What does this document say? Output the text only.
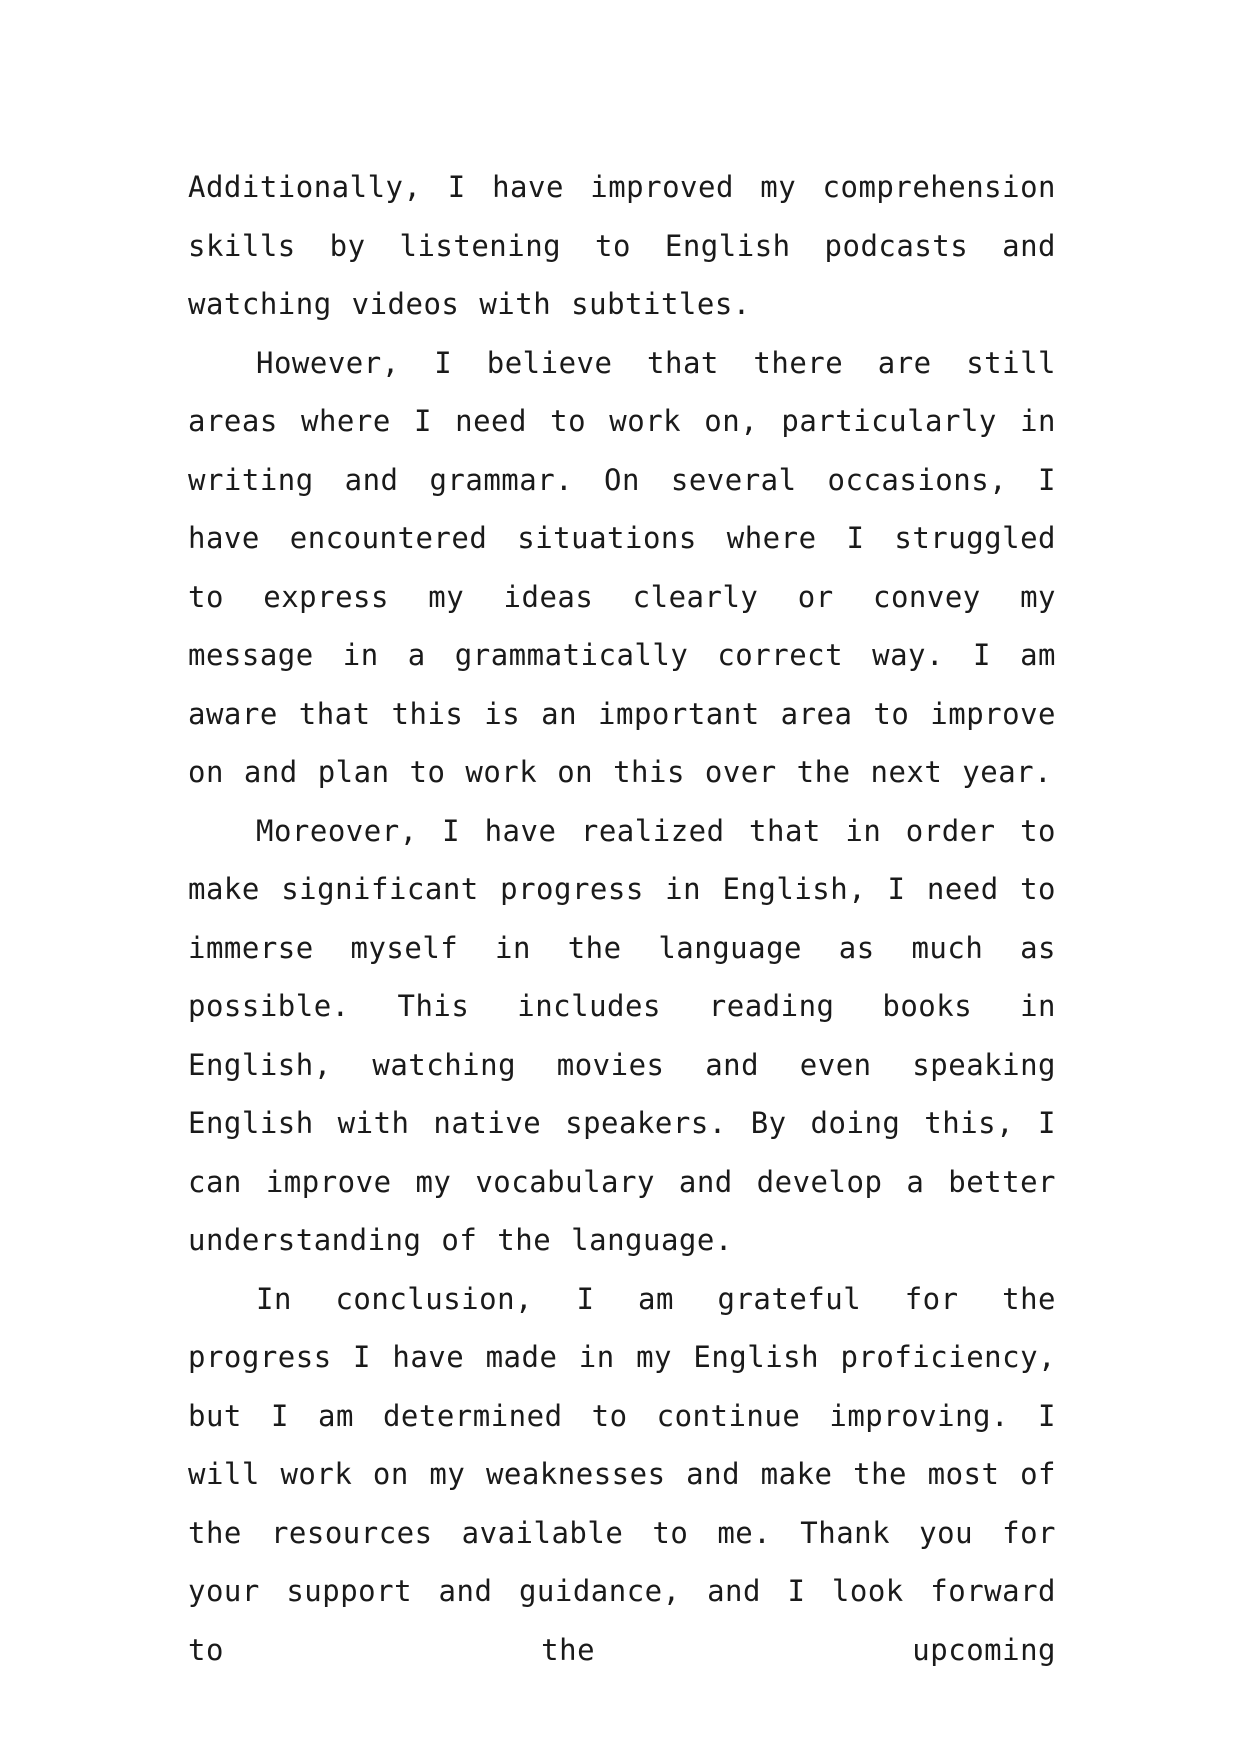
Additionally, I have improved my comprehension skills by listening to English podcasts and watching videos with subtitles.

However, I believe that there are still areas where I need to work on, particularly in writing and grammar. On several occasions, I have encountered situations where I struggled to express my ideas clearly or convey my message in a grammatically correct way. I am aware that this is an important area to improve on and plan to work on this over the next year.

Moreover, I have realized that in order to make significant progress in English, I need to immerse myself in the language as much as possible. This includes reading books in English, watching movies and even speaking English with native speakers. By doing this, I can improve my vocabulary and develop a better understanding of the language.

In conclusion, I am grateful for the progress I have made in my English proficiency, but I am determined to continue improving. I will work on my weaknesses and make the most of the resources available to me. Thank you for your support and guidance, and I look forward to the upcoming
